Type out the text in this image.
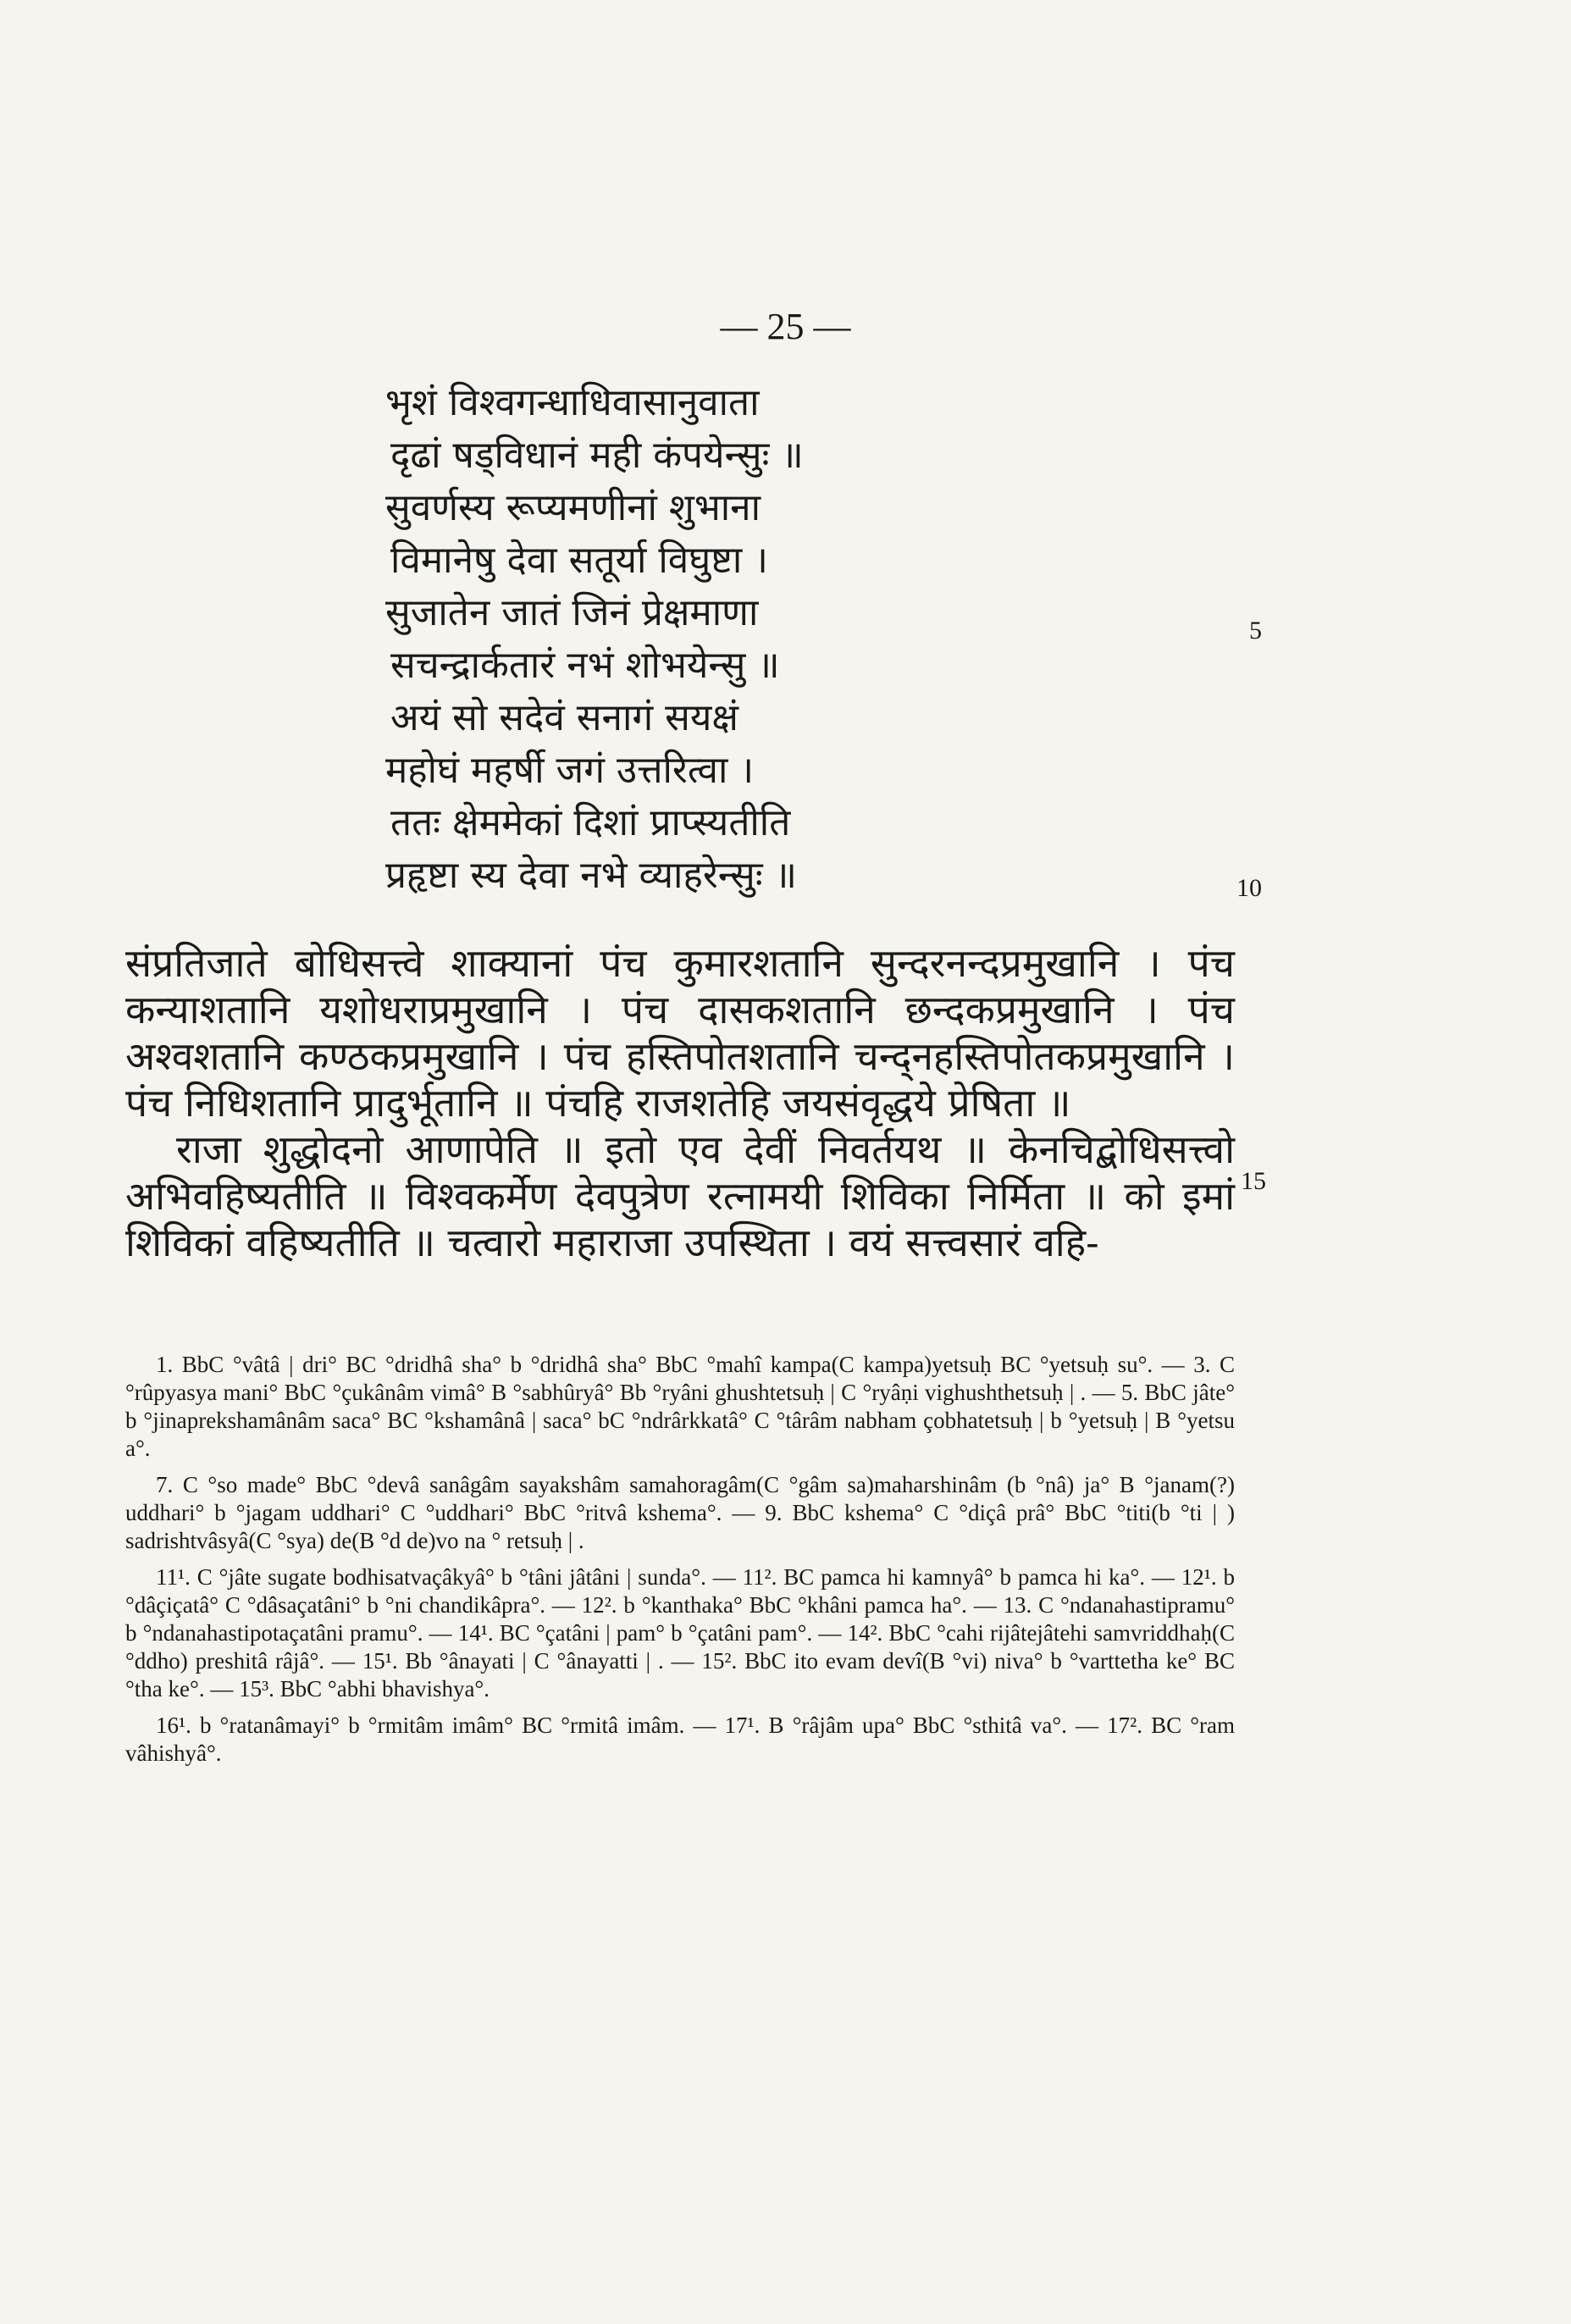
— 25 —
भृशं विश्वगन्धाधिवासानुवाता
दृढां षड्विधानं मही कंपयेन्सुः ॥
सुवर्णस्य रूप्यमणीनां शुभाना
विमानेषु देवा सतूर्या विघुष्टा ।
सुजातेन जातं जिनं प्रेक्षमाणा
सचन्द्रार्कतारं नभं शोभयेन्सु ॥
अयं सो सदेवं सनागं सयक्षं
महोघं महर्षी जगं उत्तरित्वा ।
ततः क्षेममेकां दिशां प्राप्स्यतीति
प्रहृष्टा स्य देवा नभे व्याहरेन्सुः ॥
5
10
15

संप्रतिजाते बोधिसत्त्वे शाक्यानां पंच कुमारशतानि सुन्दरनन्दप्रमुखानि । पंच कन्याशतानि यशोधराप्रमुखानि । पंच दासकशतानि छन्दकप्रमुखानि । पंच अश्वशतानि कण्ठकप्रमुखानि । पंच हस्तिपोतशतानि चन्द्नहस्तिपोतकप्रमुखानि । पंच निधिशतानि प्रादुर्भूतानि ॥ पंचहि राजशतेहि जयसंवृद्धये प्रेषिता ॥

राजा शुद्धोदनो आणापेति ॥ इतो एव देवीं निवर्तयथ ॥ केनचिद्बोधिसत्त्वो अभिवहिष्यतीति ॥ विश्वकर्मेण देवपुत्रेण रत्नामयी शिविका निर्मिता ॥ को इमां शिविकां वहिष्यतीति ॥ चत्वारो महाराजा उपस्थिता । वयं सत्त्वसारं वहि-

1. BbC °vâtâ | dri° BC °dridhâ sha° b °dridhâ sha° BbC °mahî kampa(C kampa)yetsuḥ BC °yetsuḥ su°. — 3. C °rûpyasya mani° BbC °çukânâm vimâ° B °sabhûryâ° Bb °ryâni ghushtetsuḥ | C °ryâṇi vighushthetsuḥ | . — 5. BbC jâte° b °jinaprekshamânâm saca° BC °kshamânâ | saca° bC °ndrârkkatâ° C °târâm nabham çobhatetsuḥ | b °yetsuḥ | B °yetsu a°.

7. C °so made° BbC °devâ sanâgâm sayakshâm samahoragâm(C °gâm sa)maharshinâm (b °nâ) ja° B °janam(?) uddhari° b °jagam uddhari° C °uddhari° BbC °ritvâ kshema°. — 9. BbC kshema° C °diçâ prâ° BbC °titi(b °ti | ) sadrishtvâsyâ(C °sya) de(B °d de)vo na ° retsuḥ | .

11¹. C °jâte sugate bodhisatvaçâkyâ° b °tâni jâtâni | sunda°. — 11². BC pamca hi kamnyâ° b pamca hi ka°. — 12¹. b °dâçiçatâ° C °dâsaçatâni° b °ni chandikâpra°. — 12². b °kanthaka° BbC °khâni pamca ha°. — 13. C °ndanahastipramu° b °ndanahastipotaçatâni pramu°. — 14¹. BC °çatâni | pam° b °çatâni pam°. — 14². BbC °cahi rijâtejâtehi samvriddhaḥ(C °ddho) preshitâ râjâ°. — 15¹. Bb °ânayati | C °ânayatti | . — 15². BbC ito evam devî(B °vi) niva° b °varttetha ke° BC °tha ke°. — 15³. BbC °abhi bhavishya°.

16¹. b °ratanâmayi° b °rmitâm imâm° BC °rmitâ imâm. — 17¹. B °râjâm upa° BbC °sthitâ va°. — 17². BC °ram vâhishyâ°.
